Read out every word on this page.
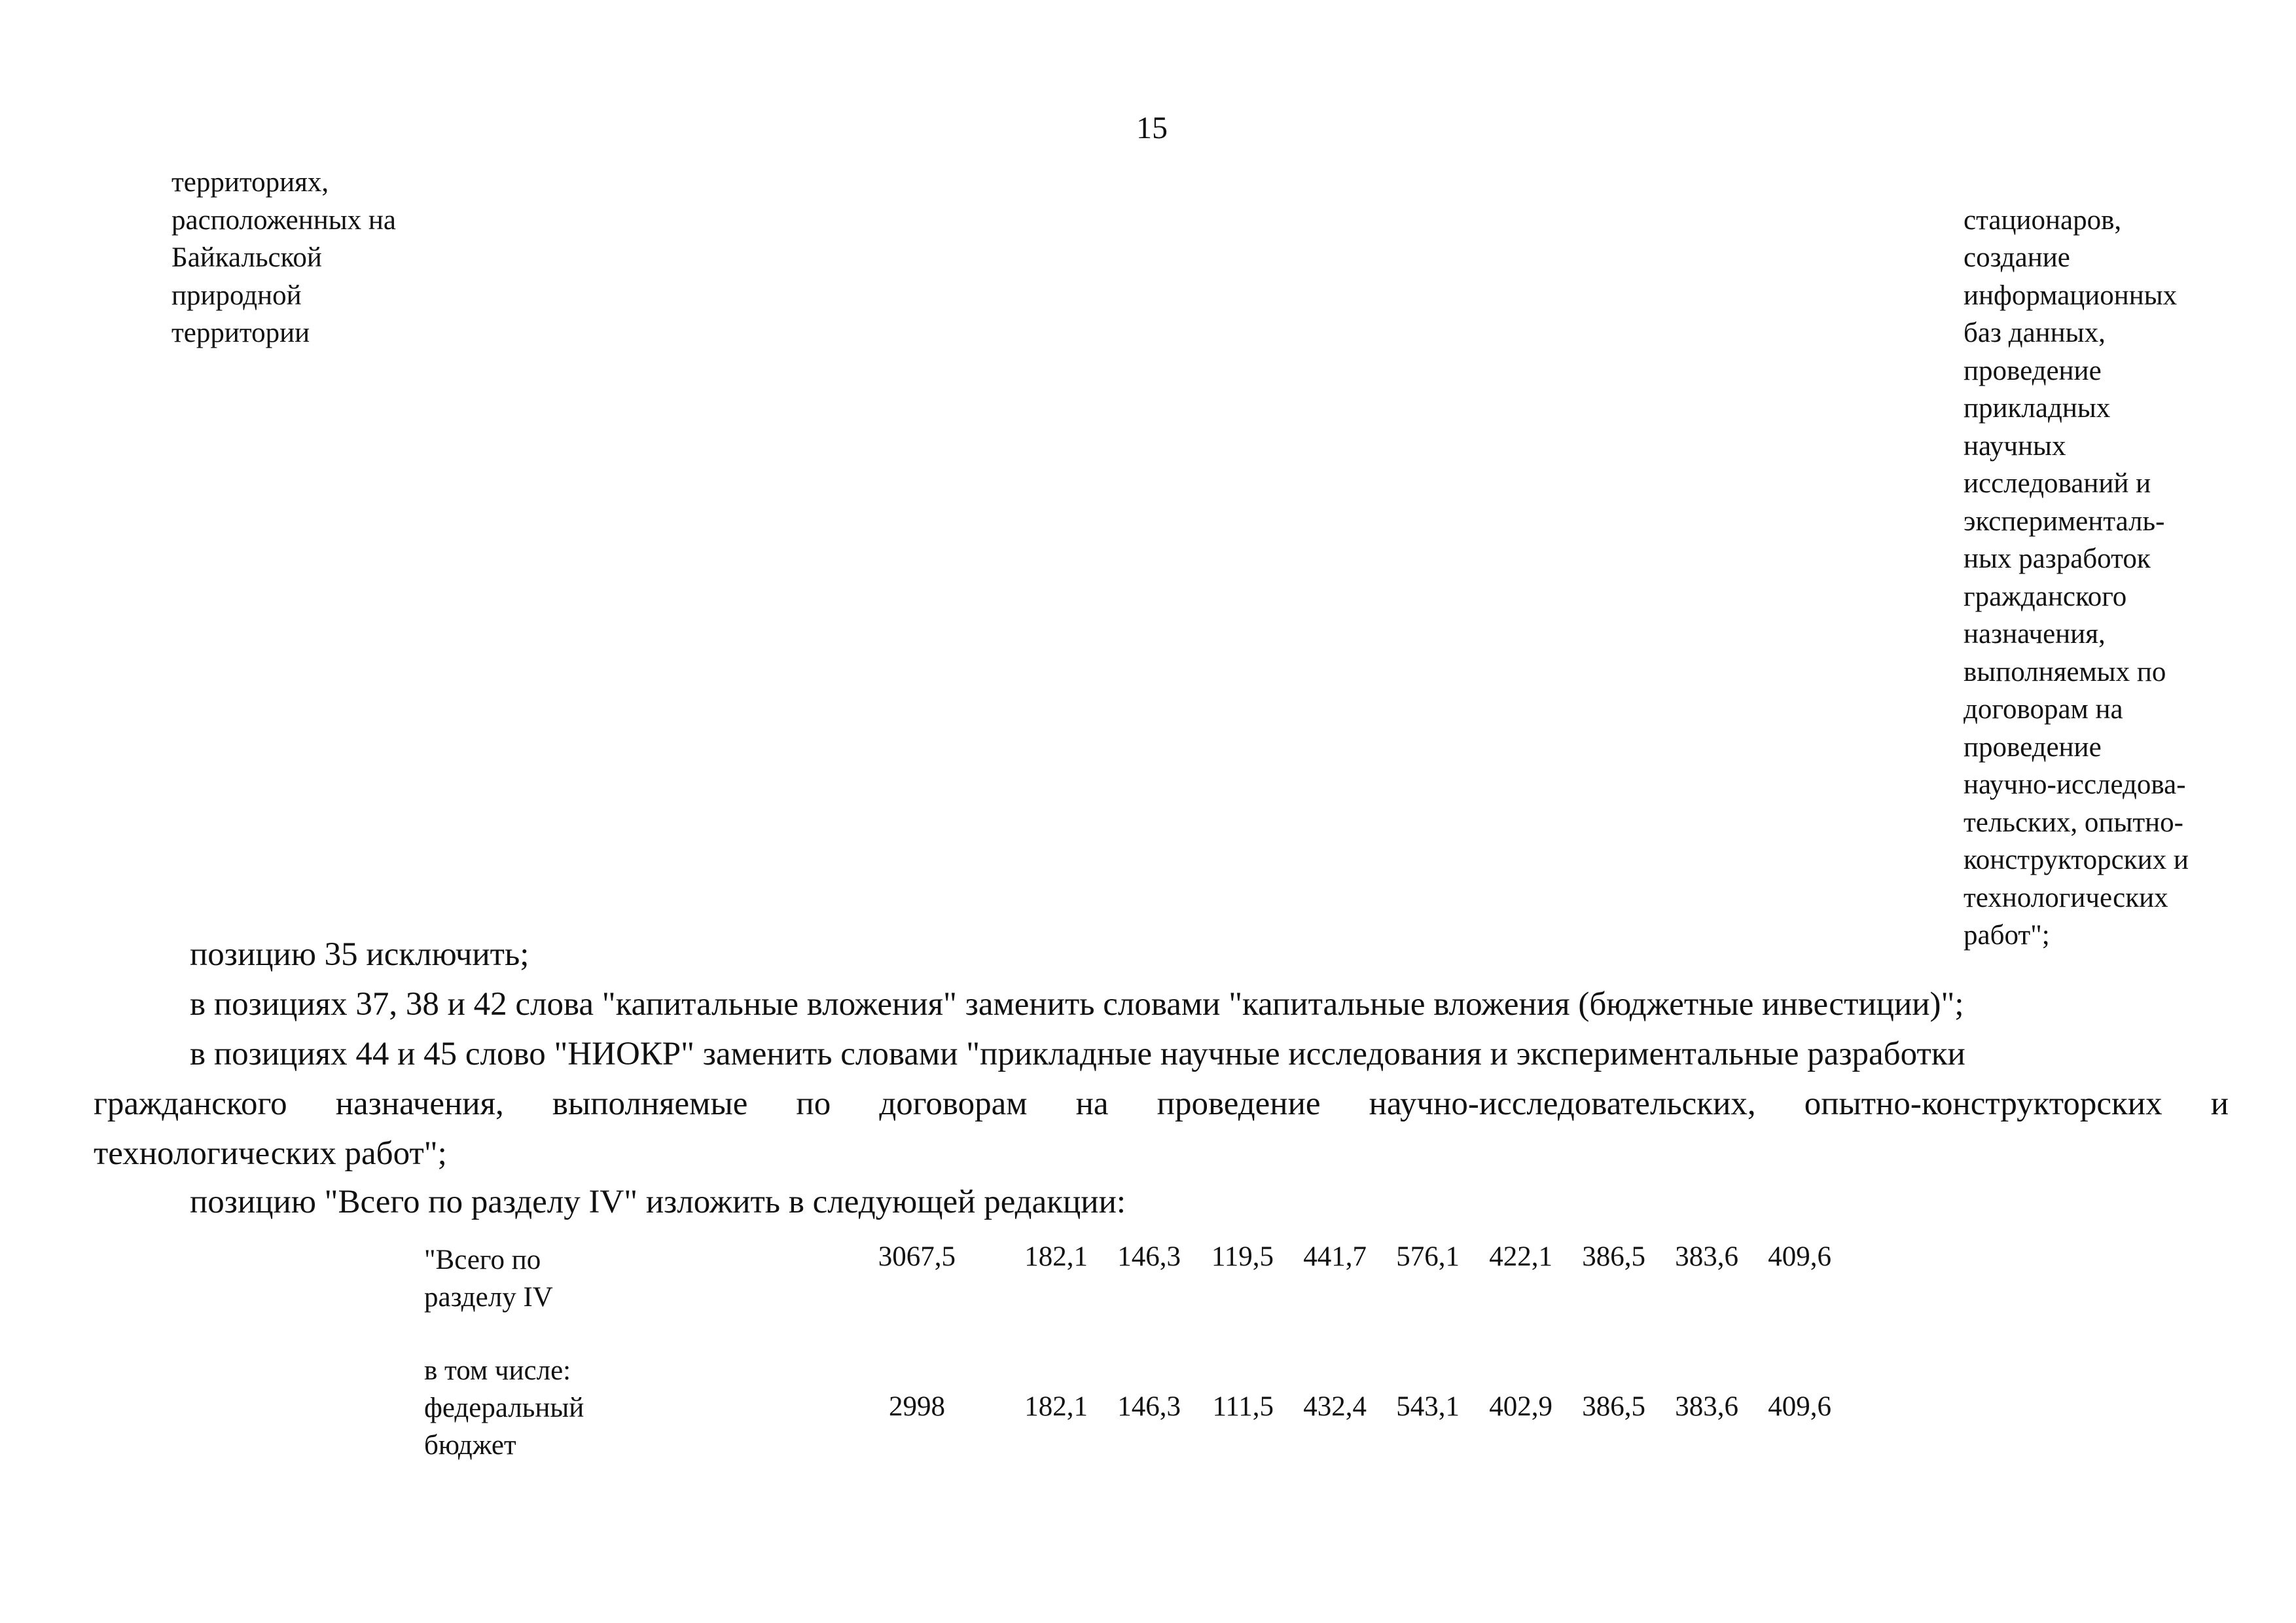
15
территориях,
расположенных на
Байкальской
природной
территории

стационаров,
создание
информационных
баз данных,
проведение
прикладных
научных
исследований и
эксперименталь-
ных разработок
гражданского
назначения,
выполняемых по
договорам на
проведение
научно-исследова-
тельских, опытно-
конструкторских и
технологических
работ";

позицию 35 исключить;
в позициях 37, 38 и 42 слова "капитальные вложения" заменить словами "капитальные вложения (бюджетные инвестиции)";
в позициях 44 и 45 слово "НИОКР" заменить словами "прикладные научные исследования и экспериментальные разработки
гражданского назначения, выполняемые по договорам на проведение научно-исследовательских, опытно-конструкторских и
технологических работ";
позицию "Всего по разделу IV" изложить в следующей редакции:
"Всего по
разделу IV
3067,5	182,1	146,3	119,5	441,7	576,1	422,1	386,5	383,6	409,6
в том числе:
федеральный
бюджет
2998	182,1	146,3	111,5	432,4	543,1	402,9	386,5	383,6	409,6
